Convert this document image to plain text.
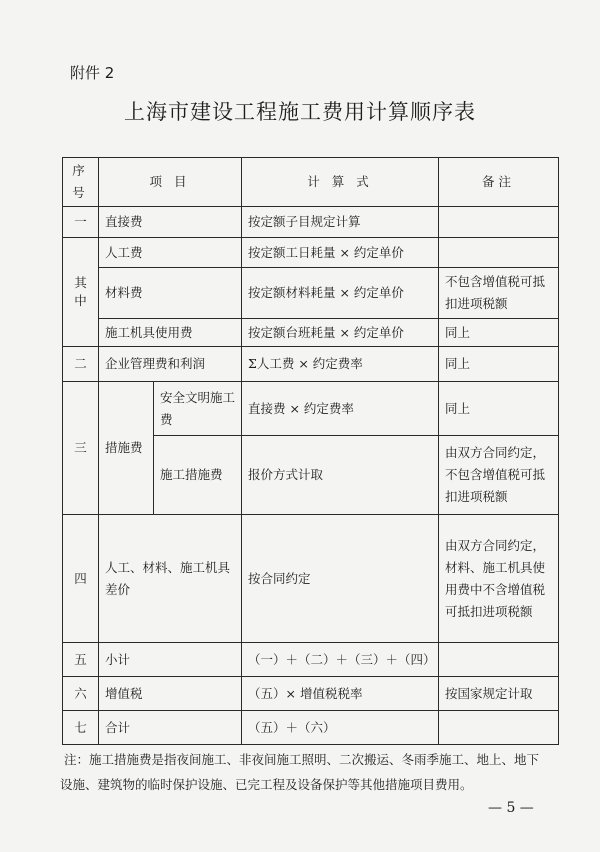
附件 2
上海市建设工程施工费用计算顺序表
序号	项 目		计 算 式	备注
一	直接费		按定额子目规定计算	
其
中	人工费		按定额工日耗量 × 约定单价	
	材料费		按定额材料耗量 × 约定单价	不包含增值税可抵扣进项税额
	施工机具使用费		按定额台班耗量 × 约定单价	同上
二	企业管理费和利润		Σ人工费 × 约定费率	同上
三	措施费	安全文明施工费	直接费 × 约定费率	同上
		施工措施费	报价方式计取	由双方合同约定，不包含增值税可抵扣进项税额
四	人工、材料、施工机具差价		按合同约定	由双方合同约定，材料、施工机具使用费中不含增值税可抵扣进项税额
五	小计		（一）＋（二）＋（三）＋（四）	
六	增值税		（五）× 增值税税率	按国家规定计取
七	合计		（五）＋（六）	
注：施工措施费是指夜间施工、非夜间施工照明、二次搬运、冬雨季施工、地上、地下设施、建筑物的临时保护设施、已完工程及设备保护等其他措施项目费用。
— 5 —
